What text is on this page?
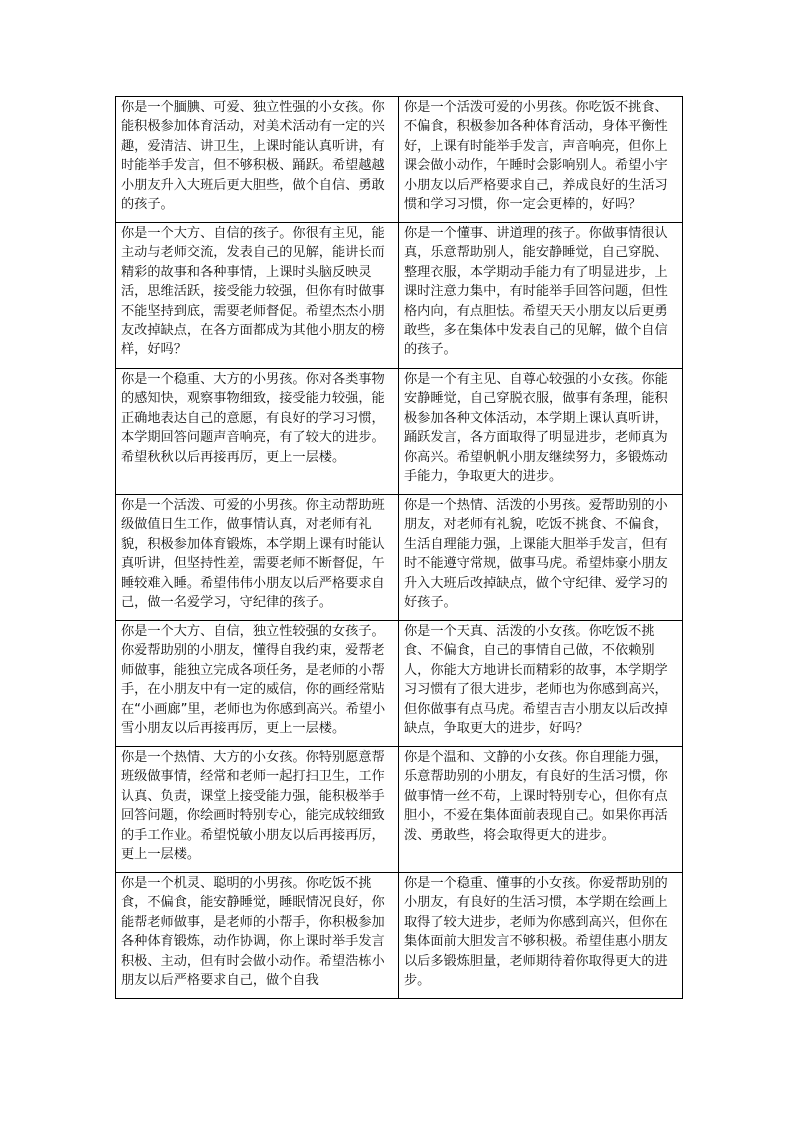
你是一个腼腆、可爱、独立性强的小女孩。你能积极参加体育活动，对美术活动有一定的兴趣，爱清洁、讲卫生，上课时能认真听讲，有时能举手发言，但不够积极、踊跃。希望越越小朋友升入大班后更大胆些，做个自信、勇敢的孩子。	你是一个活泼可爱的小男孩。你吃饭不挑食、不偏食，积极参加各种体育活动，身体平衡性好，上课有时能举手发言，声音响亮，但你上课会做小动作，午睡时会影响别人。希望小宇小朋友以后严格要求自己，养成良好的生活习惯和学习习惯，你一定会更棒的，好吗？
你是一个大方、自信的孩子。你很有主见，能主动与老师交流，发表自己的见解，能讲长而精彩的故事和各种事情，上课时头脑反映灵活，思维活跃，接受能力较强，但你有时做事不能坚持到底，需要老师督促。希望杰杰小朋友改掉缺点，在各方面都成为其他小朋友的榜样，好吗？	你是一个懂事、讲道理的孩子。你做事情很认真，乐意帮助别人，能安静睡觉，自己穿脱、整理衣服，本学期动手能力有了明显进步，上课时注意力集中，有时能举手回答问题，但性格内向，有点胆怯。希望天天小朋友以后更勇敢些，多在集体中发表自己的见解，做个自信的孩子。
你是一个稳重、大方的小男孩。你对各类事物的感知快，观察事物细致，接受能力较强，能正确地表达自己的意愿，有良好的学习习惯，本学期回答问题声音响亮，有了较大的进步。希望秋秋以后再接再厉，更上一层楼。	你是一个有主见、自尊心较强的小女孩。你能安静睡觉，自己穿脱衣服，做事有条理，能积极参加各种文体活动，本学期上课认真听讲，踊跃发言，各方面取得了明显进步，老师真为你高兴。希望帆帆小朋友继续努力，多锻炼动手能力，争取更大的进步。
你是一个活泼、可爱的小男孩。你主动帮助班级做值日生工作，做事情认真，对老师有礼貌，积极参加体育锻炼，本学期上课有时能认真听讲，但坚持性差，需要老师不断督促，午睡较难入睡。希望伟伟小朋友以后严格要求自己，做一名爱学习，守纪律的孩子。	你是一个热情、活泼的小男孩。爱帮助别的小朋友，对老师有礼貌，吃饭不挑食、不偏食，生活自理能力强，上课能大胆举手发言，但有时不能遵守常规，做事马虎。希望炜豪小朋友升入大班后改掉缺点，做个守纪律、爱学习的好孩子。
你是一个大方、自信，独立性较强的女孩子。你爱帮助别的小朋友，懂得自我约束，爱帮老师做事，能独立完成各项任务，是老师的小帮手，在小朋友中有一定的威信，你的画经常贴在“小画廊”里，老师也为你感到高兴。希望小雪小朋友以后再接再厉，更上一层楼。	你是一个天真、活泼的小女孩。你吃饭不挑食、不偏食，自己的事情自己做，不依赖别人，你能大方地讲长而精彩的故事，本学期学习习惯有了很大进步，老师也为你感到高兴，但你做事有点马虎。希望吉吉小朋友以后改掉缺点，争取更大的进步，好吗？
你是一个热情、大方的小女孩。你特别愿意帮班级做事情，经常和老师一起打扫卫生，工作认真、负责，课堂上接受能力强，能积极举手回答问题，你绘画时特别专心，能完成较细致的手工作业。希望悦敏小朋友以后再接再厉，更上一层楼。	你是个温和、文静的小女孩。你自理能力强，乐意帮助别的小朋友，有良好的生活习惯，你做事情一丝不苟，上课时特别专心，但你有点胆小，不爱在集体面前表现自己。如果你再活泼、勇敢些，将会取得更大的进步。
你是一个机灵、聪明的小男孩。你吃饭不挑食，不偏食，能安静睡觉，睡眠情况良好，你能帮老师做事，是老师的小帮手，你积极参加各种体育锻炼，动作协调，你上课时举手发言积极、主动，但有时会做小动作。希望浩栋小朋友以后严格要求自己，做个自我	你是一个稳重、懂事的小女孩。你爱帮助别的小朋友，有良好的生活习惯，本学期在绘画上取得了较大进步，老师为你感到高兴，但你在集体面前大胆发言不够积极。希望佳惠小朋友以后多锻炼胆量，老师期待着你取得更大的进步。
